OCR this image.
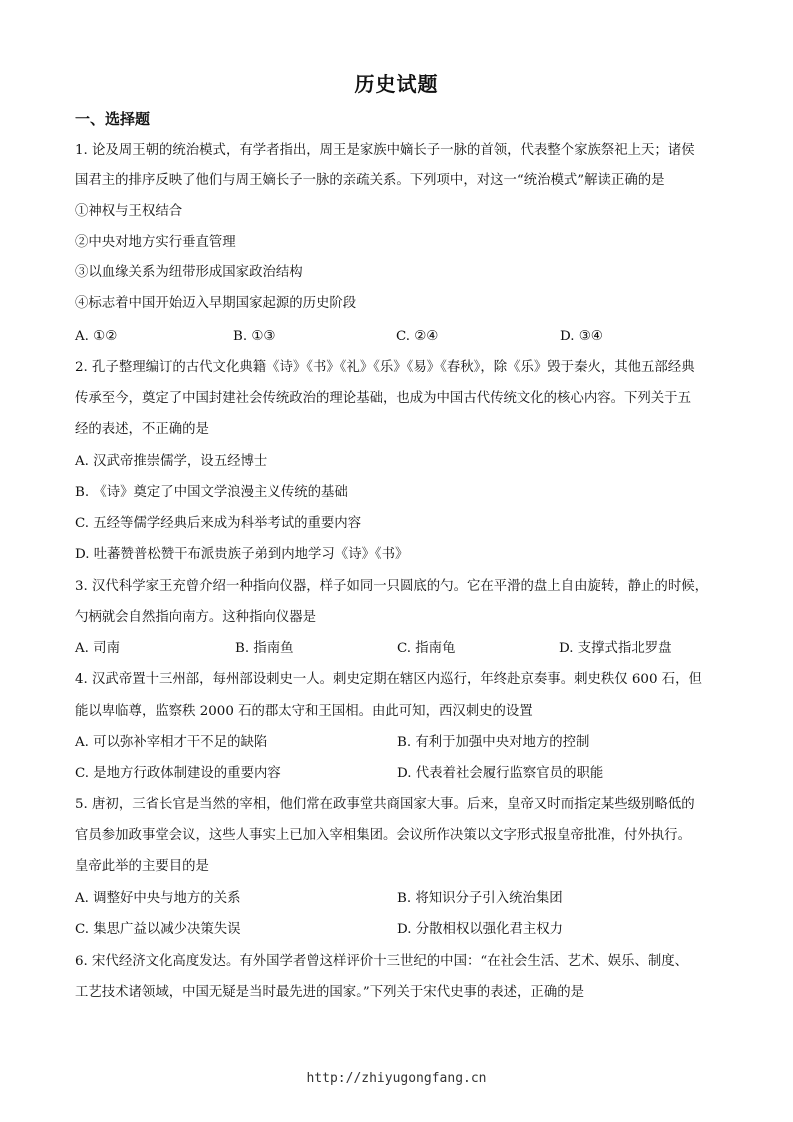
历史试题
一、选择题
1. 论及周王朝的统治模式，有学者指出，周王是家族中嫡长子一脉的首领，代表整个家族祭祀上天；诸侯
国君主的排序反映了他们与周王嫡长子一脉的亲疏关系。下列项中，对这一“统治模式”解读正确的是
①神权与王权结合
②中央对地方实行垂直管理
③以血缘关系为纽带形成国家政治结构
④标志着中国开始迈入早期国家起源的历史阶段
A. ①②	B. ①③	C. ②④	D. ③④
2. 孔子整理编订的古代文化典籍《诗》《书》《礼》《乐》《易》《春秋》，除《乐》毁于秦火，其他五部经典
传承至今，奠定了中国封建社会传统政治的理论基础，也成为中国古代传统文化的核心内容。下列关于五
经的表述，不正确的是
A. 汉武帝推崇儒学，设五经博士
B. 《诗》奠定了中国文学浪漫主义传统的基础
C. 五经等儒学经典后来成为科举考试的重要内容
D. 吐蕃赞普松赞干布派贵族子弟到内地学习《诗》《书》
3. 汉代科学家王充曾介绍一种指向仪器，样子如同一只圆底的勺。它在平滑的盘上自由旋转，静止的时候，
勺柄就会自然指向南方。这种指向仪器是
A. 司南	B. 指南鱼	C. 指南龟	D. 支撑式指北罗盘
4. 汉武帝置十三州部，每州部设刺史一人。刺史定期在辖区内巡行，年终赴京奏事。刺史秩仅 600 石，但
能以卑临尊，监察秩 2000 石的郡太守和王国相。由此可知，西汉刺史的设置
A. 可以弥补宰相才干不足的缺陷	B. 有利于加强中央对地方的控制
C. 是地方行政体制建设的重要内容	D. 代表着社会履行监察官员的职能
5. 唐初，三省长官是当然的宰相，他们常在政事堂共商国家大事。后来，皇帝又时而指定某些级别略低的
官员参加政事堂会议，这些人事实上已加入宰相集团。会议所作决策以文字形式报皇帝批准，付外执行。
皇帝此举的主要目的是
A. 调整好中央与地方的关系	B. 将知识分子引入统治集团
C. 集思广益以减少决策失误	D. 分散相权以强化君主权力
6. 宋代经济文化高度发达。有外国学者曾这样评价十三世纪的中国：“在社会生活、艺术、娱乐、制度、
工艺技术诸领域，中国无疑是当时最先进的国家。”下列关于宋代史事的表述，正确的是
http://zhiyugongfang.cn
